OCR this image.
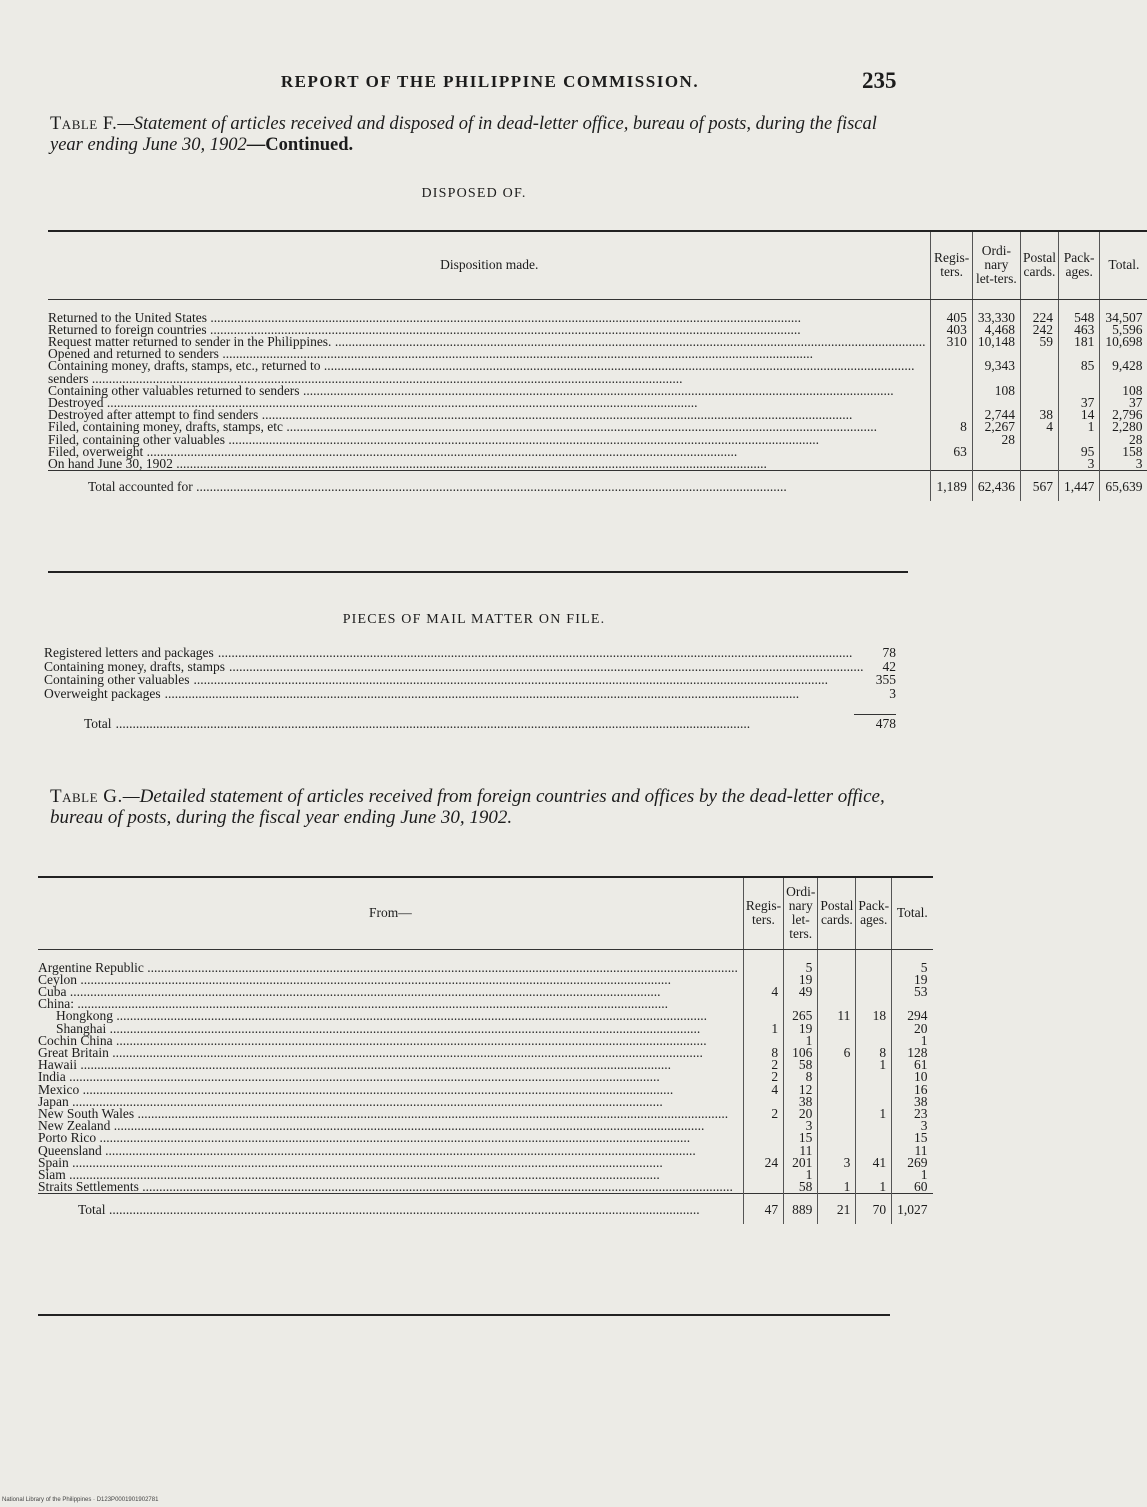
REPORT OF THE PHILIPPINE COMMISSION.	235
Table F.—Statement of articles received and disposed of in dead-letter office, bureau of posts, during the fiscal year ending June 30, 1902—Continued.
DISPOSED OF.
Disposition made.	Regis-ters.	Ordi-nary let-ters.	Postal cards.	Pack-ages.	Total.

Returned to the United States .....	405	33,330	224	548	34,507

Returned to foreign countries .....	403	4,468	242	463	5,596

Request matter returned to sender in the Philippines. .....	310	10,148	59	181	10,698

Opened and returned to senders .....

Containing money, drafts, stamps, etc., returned to .....		9,343		85	9,428

senders .....

Containing other valuables returned to senders .....		108			108

Destroyed .....				37	37

Destroyed after attempt to find senders .....		2,744	38	14	2,796

Filed, containing money, drafts, stamps, etc .....	8	2,267	4	1	2,280

Filed, containing other valuables .....		28			28

Filed, overweight .....	63			95	158

On hand June 30, 1902 .....				3	3

Total accounted for .....	1,189	62,436	567	1,447	65,639
PIECES OF MAIL MATTER ON FILE.
Registered letters and packages .....	78
Containing money, drafts, stamps .....	42
Containing other valuables .....	355
Overweight packages .....	3
Total .....	478
Table G.—Detailed statement of articles received from foreign countries and offices by the dead-letter office, bureau of posts, during the fiscal year ending June 30, 1902.
From—	Regis-ters.	Ordi-nary let-ters.	Postal cards.	Pack-ages.	Total.

Argentine Republic .....		5			5

Ceylon .....		19			19

Cuba .....	4	49			53

China: .....

Hongkong .....		265	11	18	294

Shanghai .....	1	19			20

Cochin China .....		1			1

Great Britain .....	8	106	6	8	128

Hawaii .....	2	58		1	61

India .....	2	8			10

Mexico .....	4	12			16

Japan .....		38			38

New South Wales .....	2	20		1	23

New Zealand .....		3			3

Porto Rico .....		15			15

Queensland .....		11			11

Spain .....	24	201	3	41	269

Siam .....		1			1

Straits Settlements .....		58	1	1	60

Total .....	47	889	21	70	1,027
National Library of the Philippines · D123P0001901902781
